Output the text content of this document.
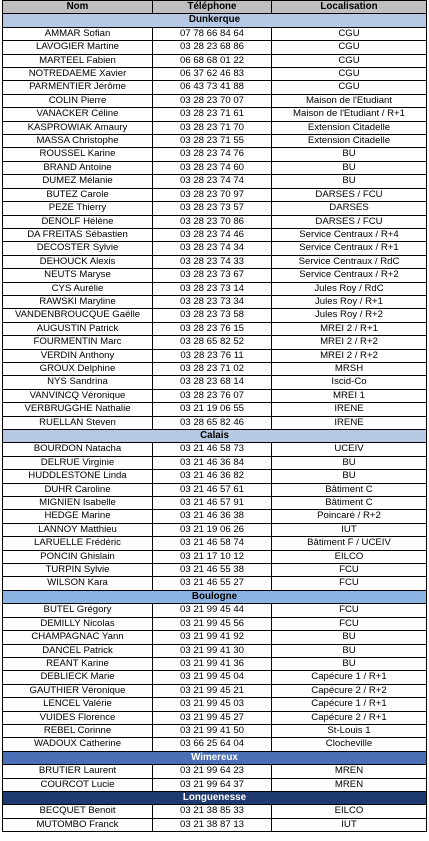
Nom	Téléphone	Localisation
Dunkerque		
AMMAR Sofian	07 78 66 84 64	CGU
LAVOGIER Martine	03 28 23 68 86	CGU
MARTEEL Fabien	06 68 68 01 22	CGU
NOTREDAEME Xavier	06 37 62 46 83	CGU
PARMENTIER Jérôme	06 43 73 41 88	CGU
COLIN Pierre	03 28 23 70 07	Maison de l'Etudiant
VANACKER Céline	03 28 23 71 61	Maison de l'Etudiant / R+1
KASPROWIAK Amaury	03 28 23 71 70	Extension Citadelle
MASSA Christophe	03 28 23 71 55	Extension Citadelle
ROUSSEL Karine	03 28 23 74 76	BU
BRAND Antoine	03 28 23 74 60	BU
DUMEZ Mélanie	03 28 23 74 74	BU
BUTEZ Carole	03 28 23 70 97	DARSES / FCU
PEZE Thierry	03 28 23 73 57	DARSES
DENOLF Hélène	03 28 23 70 86	DARSES / FCU
DA FREITAS Sébastien	03 28 23 74 46	Service Centraux / R+4
DECOSTER Sylvie	03 28 23 74 34	Service Centraux / R+1
DEHOUCK Alexis	03 28 23 74 33	Service Centraux / RdC
NEUTS Maryse	03 28 23 73 67	Service Centraux / R+2
CYS Aurélie	03 28 23 73 14	Jules Roy / RdC
RAWSKI Maryline	03 28 23 73 34	Jules Roy / R+1
VANDENBROUCQUE Gaëlle	03 28 23 73 58	Jules Roy / R+2
AUGUSTIN Patrick	03 28 23 76 15	MREI 2 / R+1
FOURMENTIN Marc	03 28 65 82 52	MREI 2 / R+2
VERDIN Anthony	03 28 23 76 11	MREI 2 / R+2
GROUX Delphine	03 28 23 71 02	MRSH
NYS Sandrina	03 28 23 68 14	Iscid-Co
VANVINCQ Véronique	03 28 23 76 07	MREI 1
VERBRUGGHE Nathalie	03 21 19 06 55	IRENE
RUELLAN Steven	03 28 65 82 46	IRENE
Calais		
BOURDON Natacha	03 21 46 58 73	UCEIV
DELRUE Virginie	03 21 46 36 84	BU
HUDDLESTONE Linda	03 21 46 36 82	BU
DUHR Caroline	03 21 46 57 61	Bâtiment C
MIGNIEN Isabelle	03 21 46 57 91	Bâtiment C
HEDGE Marine	03 21 46 36 38	Poincaré / R+2
LANNOY Matthieu	03 21 19 06 26	IUT
LARUELLE Frédéric	03 21 46 58 74	Bâtiment F / UCEIV
PONCIN Ghislain	03 21 17 10 12	EILCO
TURPIN Sylvie	03 21 46 55 38	FCU
WILSON Kara	03 21 46 55 27	FCU
Boulogne		
BUTEL Grégory	03 21 99 45 44	FCU
DEMILLY Nicolas	03 21 99 45 56	FCU
CHAMPAGNAC Yann	03 21 99 41 92	BU
DANCEL Patrick	03 21 99 41 30	BU
REANT Karine	03 21 99 41 36	BU
DEBLIECK Marie	03 21 99 45 04	Capécure 1 / R+1
GAUTHIER Véronique	03 21 99 45 21	Capécure 2 / R+2
LENCEL Valérie	03 21 99 45 03	Capécure 1 / R+1
VUIDES Florence	03 21 99 45 27	Capécure 2 / R+1
REBEL Corinne	03 21 99 41 50	St-Louis 1
WADOUX Catherine	03 66 25 64 04	Clocheville
Wimereux		
BRUTIER Laurent	03 21 99 64 23	MREN
COURCOT Lucie	03 21 99 64 37	MREN
Longuenesse		
BECQUET Benoit	03 21 38 85 33	EILCO
MUTOMBO Franck	03 21 38 87 13	IUT
